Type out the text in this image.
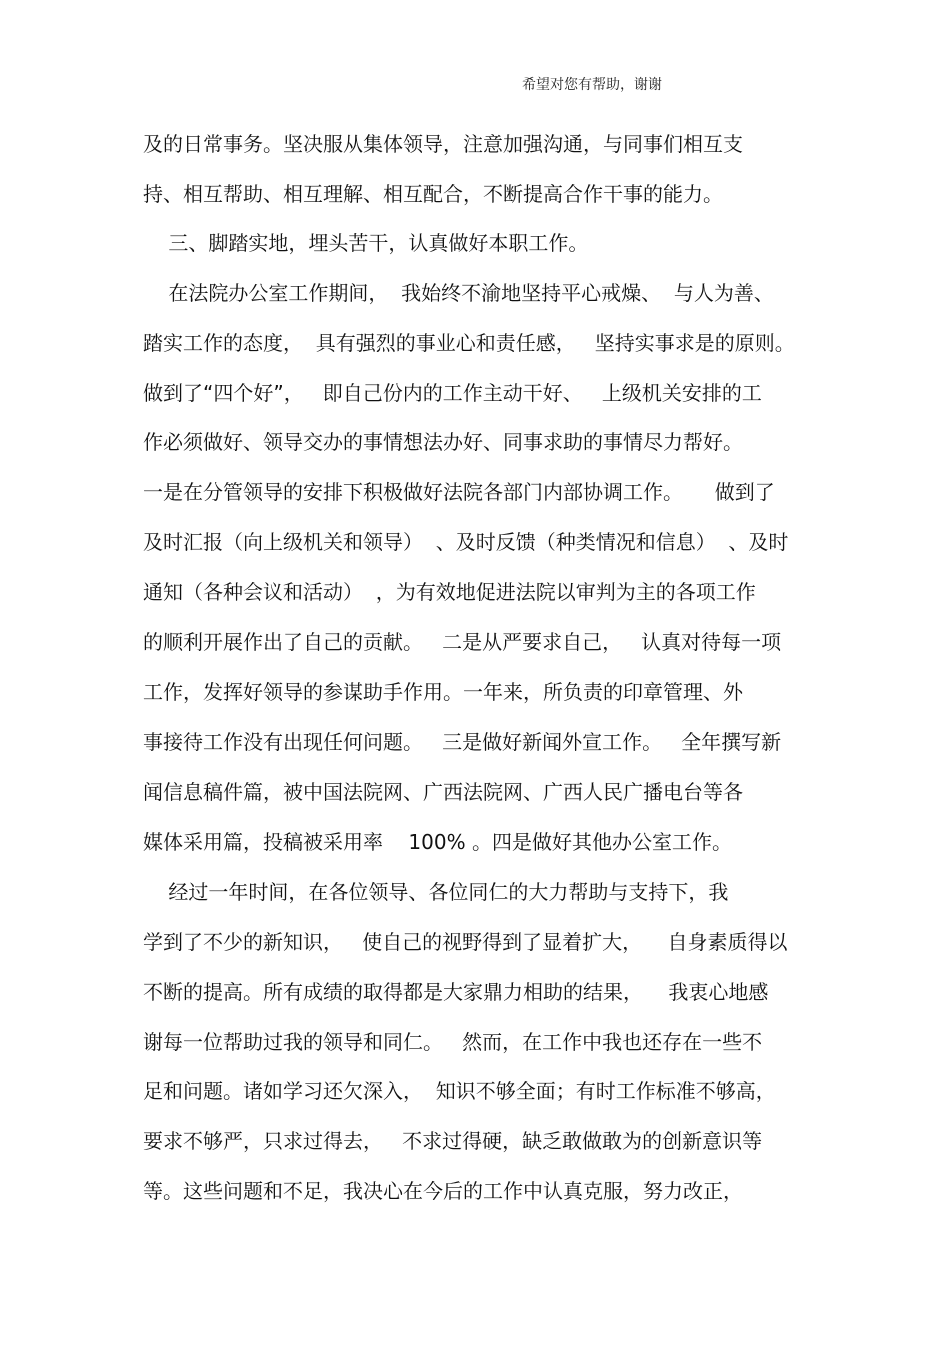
希望对您有帮助，谢谢
及的日常事务。坚决服从集体领导，注意加强沟通，与同事们相互支
持、相互帮助、相互理解、相互配合，不断提高合作干事的能力。
三、脚踏实地，埋头苦干，认真做好本职工作。
在法院办公室工作期间，  我始终不渝地坚持平心戒燥、  与人为善、
踏实工作的态度，  具有强烈的事业心和责任感，   坚持实事求是的原则。
做到了“四个好”，   即自己份内的工作主动干好、   上级机关安排的工
作必须做好、领导交办的事情想法办好、同事求助的事情尽力帮好。
一是在分管领导的安排下积极做好法院各部门内部协调工作。     做到了
及时汇报（向上级机关和领导）  、及时反馈（种类情况和信息）  、及时
通知（各种会议和活动）  ，为有效地促进法院以审判为主的各项工作
的顺利开展作出了自己的贡献。   二是从严要求自己，   认真对待每一项
工作，发挥好领导的参谋助手作用。一年来，所负责的印章管理、外
事接待工作没有出现任何问题。   三是做好新闻外宣工作。   全年撰写新
闻信息稿件篇，被中国法院网、广西法院网、广西人民广播电台等各
媒体采用篇，投稿被采用率    100% 。四是做好其他办公室工作。
经过一年时间，在各位领导、各位同仁的大力帮助与支持下，我
学到了不少的新知识，   使自己的视野得到了显着扩大，    自身素质得以
不断的提高。所有成绩的取得都是大家鼎力相助的结果，    我衷心地感
谢每一位帮助过我的领导和同仁。   然而，在工作中我也还存在一些不
足和问题。诸如学习还欠深入，  知识不够全面；有时工作标准不够高，
要求不够严，只求过得去，   不求过得硬，缺乏敢做敢为的创新意识等
等。这些问题和不足，我决心在今后的工作中认真克服，努力改正，
